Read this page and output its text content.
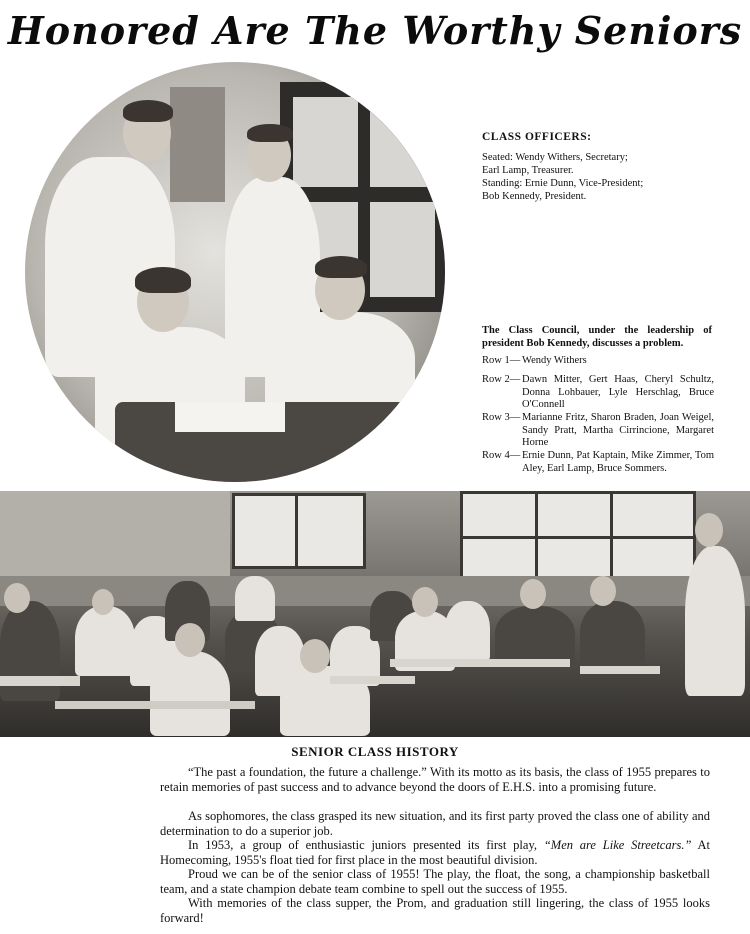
Honored Are The Worthy Seniors
CLASS OFFICERS:
Seated: Wendy Withers, Secretary;
Earl Lamp, Treasurer.
Standing: Ernie Dunn, Vice-President;
Bob Kennedy, President.
The Class Council, under the leadership of president Bob Kennedy, discusses a problem.
Row 1— Wendy Withers
Row 2— Dawn Mitter, Gert Haas, Cheryl Schultz, Donna Lohbauer, Lyle Herschlag, Bruce O'Connell
Row 3— Marianne Fritz, Sharon Braden, Joan Weigel, Sandy Pratt, Martha Cirrincione, Margaret Horne
Row 4— Ernie Dunn, Pat Kaptain, Mike Zimmer, Tom Aley, Earl Lamp, Bruce Sommers.
SENIOR CLASS HISTORY
“The past a foundation, the future a challenge.” With its motto as its basis, the class of 1955 prepares to retain memories of past success and to advance beyond the doors of E.H.S. into a promising future.
As sophomores, the class grasped its new situation, and its first party proved the class one of ability and determination to do a superior job.
In 1953, a group of enthusiastic juniors presented its first play, “Men are Like Streetcars.” At Homecoming, 1955's float tied for first place in the most beautiful division.
Proud we can be of the senior class of 1955! The play, the float, the song, a championship basketball team, and a state champion debate team combine to spell out the success of 1955.
With memories of the class supper, the Prom, and graduation still lingering, the class of 1955 looks forward!
